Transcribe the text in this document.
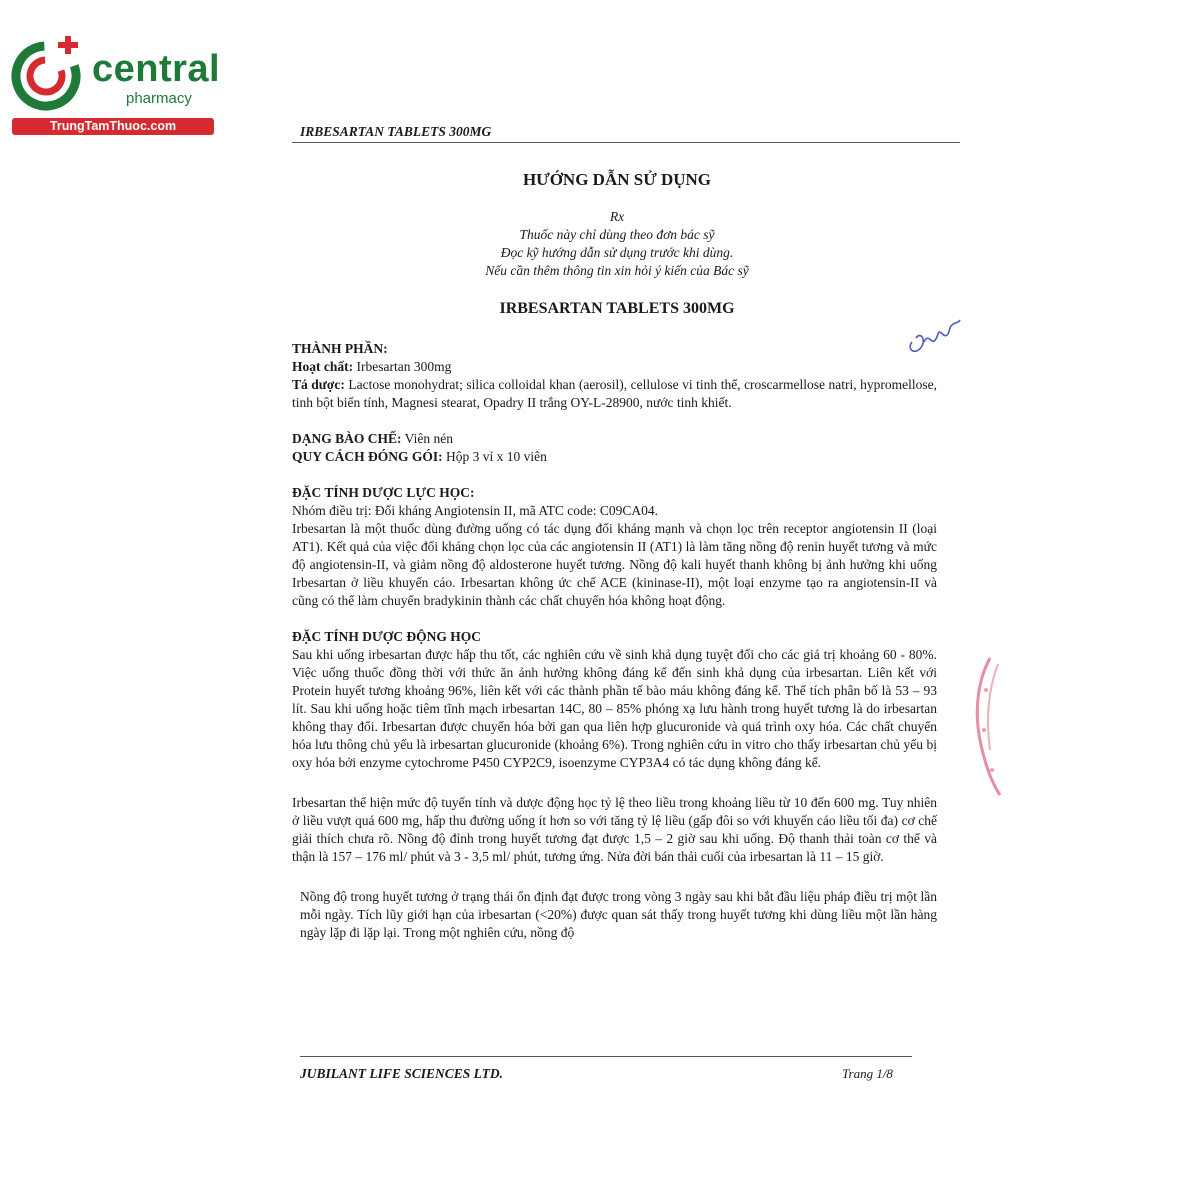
central
pharmacy
TrungTamThuoc.com	IRBESARTAN TABLETS 300MG
HƯỚNG DẪN SỬ DỤNG
Rx
Thuốc này chỉ dùng theo đơn bác sỹ
Đọc kỹ hướng dẫn sử dụng trước khi dùng.
Nếu cần thêm thông tin xin hỏi ý kiến của Bác sỹ
IRBESARTAN TABLETS 300MG

THÀNH PHẦN:

Hoạt chất: Irbesartan 300mg

Tá dược: Lactose monohydrat; silica colloidal khan (aerosil), cellulose vi tinh thể, croscarmellose natri, hypromellose, tinh bột biến tính, Magnesi stearat, Opadry II trắng OY-L-28900, nước tinh khiết.

DẠNG BÀO CHẾ: Viên nén

QUY CÁCH ĐÓNG GÓI: Hộp 3 vỉ x 10 viên

ĐẶC TÍNH DƯỢC LỰC HỌC:

Nhóm điều trị: Đối kháng Angiotensin II, mã ATC code: C09CA04.

Irbesartan là một thuốc dùng đường uống có tác dụng đối kháng mạnh và chọn lọc trên receptor angiotensin II (loại AT1). Kết quả của việc đối kháng chọn lọc của các angiotensin II (AT1) là làm tăng nồng độ renin huyết tương và mức độ angiotensin-II, và giảm nồng độ aldosterone huyết tương. Nồng độ kali huyết thanh không bị ảnh hưởng khi uống Irbesartan ở liều khuyến cáo. Irbesartan không ức chế ACE (kininase-II), một loại enzyme tạo ra angiotensin-II và cũng có thể làm chuyển bradykinin thành các chất chuyển hóa không hoạt động.

ĐẶC TÍNH DƯỢC ĐỘNG HỌC

Sau khi uống irbesartan được hấp thu tốt, các nghiên cứu về sinh khả dụng tuyệt đối cho các giá trị khoảng 60 - 80%. Việc uống thuốc đồng thời với thức ăn ảnh hưởng không đáng kể đến sinh khả dụng của irbesartan. Liên kết với Protein huyết tương khoảng 96%, liên kết với các thành phần tế bào máu không đáng kể. Thể tích phân bố là 53 – 93 lít. Sau khi uống hoặc tiêm tĩnh mạch irbesartan 14C, 80 – 85% phóng xạ lưu hành trong huyết tương là do irbesartan không thay đổi. Irbesartan được chuyển hóa bởi gan qua liên hợp glucuronide và quá trình oxy hóa. Các chất chuyển hóa lưu thông chủ yếu là irbesartan glucuronide (khoảng 6%). Trong nghiên cứu in vitro cho thấy irbesartan chủ yếu bị oxy hóa bởi enzyme cytochrome P450 CYP2C9, isoenzyme CYP3A4 có tác dụng không đáng kể.

Irbesartan thể hiện mức độ tuyến tính và dược động học tỷ lệ theo liều trong khoảng liều từ 10 đến 600 mg. Tuy nhiên ở liều vượt quá 600 mg, hấp thu đường uống ít hơn so với tăng tỷ lệ liều (gấp đôi so với khuyến cáo liều tối đa) cơ chế giải thích chưa rõ. Nồng độ đỉnh trong huyết tương đạt được 1,5 – 2 giờ sau khi uống. Độ thanh thải toàn cơ thể và thận là 157 – 176 ml/ phút và 3 - 3,5 ml/ phút, tương ứng. Nửa đời bán thải cuối của irbesartan là 11 – 15 giờ.

Nồng độ trong huyết tương ở trạng thái ổn định đạt được trong vòng 3 ngày sau khi bắt đầu liệu pháp điều trị một lần mỗi ngày. Tích lũy giới hạn của irbesartan (<20%) được quan sát thấy trong huyết tương khi dùng liều một lần hàng ngày lặp đi lặp lại. Trong một nghiên cứu, nồng độ

JUBILANT LIFE SCIENCES LTD.	Trang 1/8
